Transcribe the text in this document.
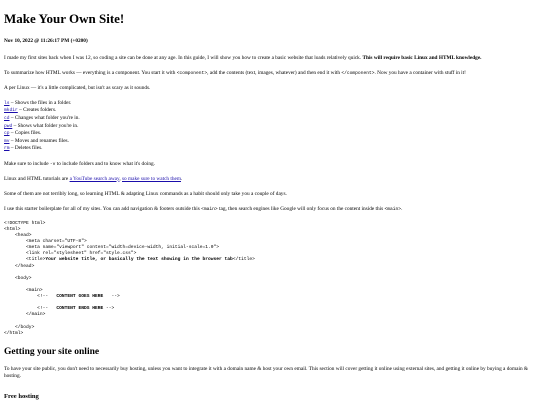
Make Your Own Site!

Nov 10, 2022 @ 11:26:17 PM (+0200)

I made my first sites back when I was 12, so coding a site can be done at any age. In this guide, I will show you how to create a basic website that loads relatively quick. This will require basic Linux and HTML knowledge.

To summarize how HTML works — everything is a component. You start it with <component>, add the contents (text, images, whatever) and then end it with </component>. Now you have a container with stuff in it!

A per Linux — it's a little complicated, but isn't as scary as it sounds.

ls – Shows the files in a folder.
mkdir – Creates folders.
cd – Changes what folder you're in.
pwd – Shows what folder you're in.
cp – Copies files.
mv – Moves and renames files.
rm – Deletes files.

Make sure to include -v to include folders and to know what it's doing.

Linux and HTML tutorials are a YouTube search away, so make sure to watch them.

Some of them are not terribly long, so learning HTML & adapting Linux commands as a habit should only take you a couple of days.

I use this starter boilerplate for all of my sites. You can add navigation & footers outside this <main> tag, then search engines like Google will only focus on the content inside this <main>.

<!DOCTYPE html>
<html>
<head>
<meta charset="UTF-8">
<meta name="viewport" content="width=device-width, initial-scale=1.0">
<link rel="stylesheet" href="style.css">
<title>Your website title, or basically the text showing in the browser tab</title>
</head>
<body>
<main>
<!--   CONTENT GOES HERE   -->
<!--   CONTENT ENDS HERE -->
</main>
</body>
</html>
Getting your site online

To have your site public, you don't need to necessarily buy hosting, unless you want to integrate it with a domain name & host your own email. This section will cover getting it online using external sites, and getting it online by buying a domain & hosting.

Free hosting
